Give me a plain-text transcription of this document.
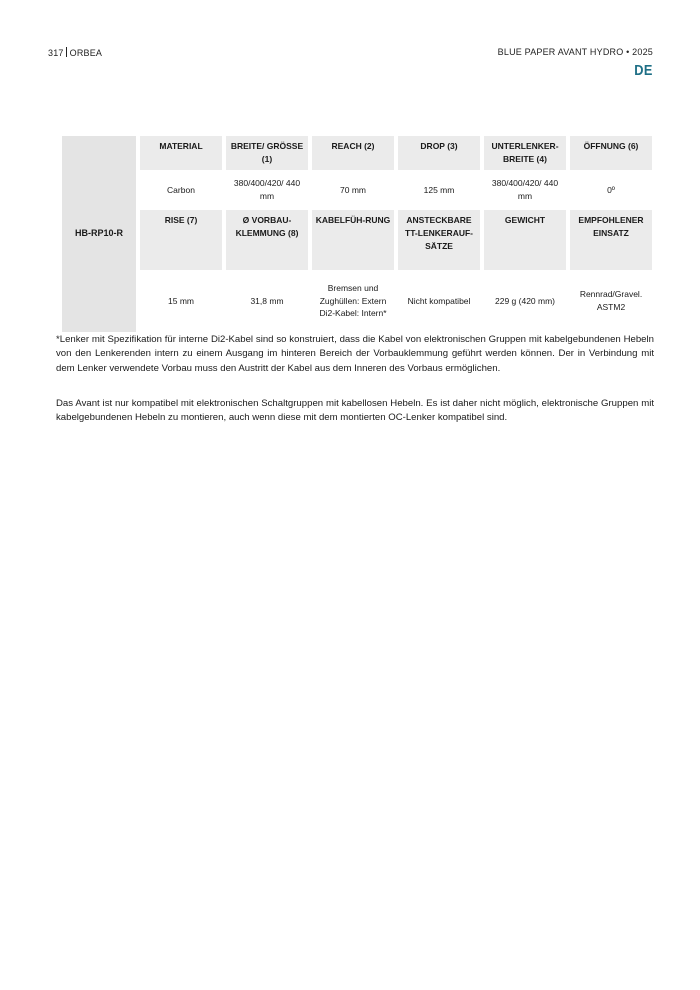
317 ORBEA	BLUE PAPER AVANT HYDRO • 2025
DE
HB-RP10-R	MATERIAL	BREITE/ GRÖSSE (1)	REACH (2)	DROP (3)	UNTERLENKER-BREITE (4)	ÖFFNUNG (6)
	Carbon	380/400/420/ 440 mm	70 mm	125 mm	380/400/420/ 440 mm	0º
	RISE (7)	Ø VORBAU-KLEMMUNG (8)	KABELFÜH-RUNG	ANSTECKBARE TT-LENKERAUF-SÄTZE	GEWICHT	EMPFOHLENER EINSATZ
	15 mm	31,8 mm	Bremsen und Zughüllen: Extern Di2-Kabel: Intern*	Nicht kompatibel	229 g (420 mm)	Rennrad/Gravel. ASTM2

*Lenker mit Spezifikation für interne Di2-Kabel sind so konstruiert, dass die Kabel von elektronischen Gruppen mit kabelgebundenen Hebeln von den Lenkerenden intern zu einem Ausgang im hinteren Bereich der Vorbauklemmung geführt werden können. Der in Verbindung mit dem Lenker verwendete Vorbau muss den Austritt der Kabel aus dem Inneren des Vorbaus ermöglichen.

Das Avant ist nur kompatibel mit elektronischen Schaltgruppen mit kabellosen Hebeln. Es ist daher nicht möglich, elektronische Gruppen mit kabelgebundenen Hebeln zu montieren, auch wenn diese mit dem montierten OC-Lenker kompatibel sind.
